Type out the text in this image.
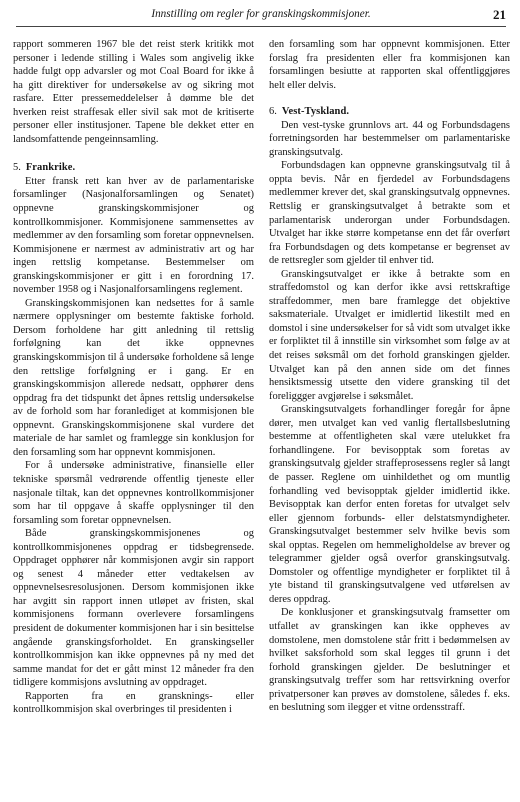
Innstilling om regler for granskingskommisjoner.	21

rapport sommeren 1967 ble det reist sterk kritikk mot personer i ledende stilling i Wales som angivelig ikke hadde fulgt opp advarsler og mot Coal Board for ikke å ha gitt direktiver for undersøkelse av og sikring mot rasfare. Etter pressemeddelelser å dømme ble det hverken reist straffesak eller sivil sak mot de kritiserte personer eller institusjoner. Tapene ble dekket etter en landsomfattende pengeinnsamling.

5. Frankrike.

Etter fransk rett kan hver av de parlamentariske forsamlinger (Nasjonalforsamlingen og Senatet) oppnevne granskingskommisjoner og kontrollkommisjoner. Kommisjonene sammensettes av medlemmer av den forsamling som foretar oppnevnelsen. Kommisjonene er nærmest av administrativ art og har ingen rettslig kompetanse. Bestemmelser om granskingskommisjoner er gitt i en forordning 17. november 1958 og i Nasjonalforsamlingens reglement.

Granskingskommisjonen kan nedsettes for å samle nærmere opplysninger om bestemte faktiske forhold. Dersom forholdene har gitt anledning til rettslig forfølgning kan det ikke oppnevnes granskingskommisjon til å undersøke forholdene så lenge den rettslige forfølgning er i gang. Er en granskingskommisjon allerede nedsatt, opphører dens oppdrag fra det tidspunkt det åpnes rettslig undersøkelse av de forhold som har foranlediget at kommisjonen ble oppnevnt. Granskingskommisjonene skal vurdere det materiale de har samlet og framlegge sin konklusjon for den forsamling som har oppnevnt kommisjonen.

For å undersøke administrative, finansielle eller tekniske spørsmål vedrørende offentlig tjeneste eller nasjonale tiltak, kan det oppnevnes kontrollkommisjoner som har til oppgave å skaffe opplysninger til den forsamling som foretar oppnevnelsen.

Både granskingskommisjonenes og kontrollkommisjonenes oppdrag er tidsbegrensede. Oppdraget opphører når kommisjonen avgir sin rapport og senest 4 måneder etter vedtakelsen av oppnevnelsesresolusjonen. Dersom kommisjonen ikke har avgitt sin rapport innen utløpet av fristen, skal kommisjonens formann overlevere forsamlingens president de dokumenter kommisjonen har i sin besittelse angående granskingsforholdet. En granskingseller kontrollkommisjon kan ikke oppnevnes på ny med det samme mandat for det er gått minst 12 måneder fra den tidligere kommisjons avslutning av oppdraget.

Rapporten fra en gransknings- eller kontrollkommisjon skal overbringes til presidenten i

den forsamling som har oppnevnt kommisjonen. Etter forslag fra presidenten eller fra kommisjonen kan forsamlingen besiutte at rapporten skal offentliggjøres helt eller delvis.

6. Vest-Tyskland.

Den vest-tyske grunnlovs art. 44 og Forbundsdagens forretningsorden har bestemmelser om parlamentariske granskingsutvalg.

Forbundsdagen kan oppnevne granskingsutvalg til å oppta bevis. Når en fjerdedel av Forbundsdagens medlemmer krever det, skal granskingsutvalg oppnevnes. Rettslig er granskingsutvalget å betrakte som et parlamentarisk underorgan under Forbundsdagen. Utvalget har ikke større kompetanse enn det får overført fra Forbundsdagen og dets kompetanse er begrenset av de rettsregler som gjelder til enhver tid.

Granskingsutvalget er ikke å betrakte som en straffedomstol og kan derfor ikke avsi rettskraftige straffedommer, men bare framlegge det objektive saksmateriale. Utvalget er imidlertid likestilt med en domstol i sine undersøkelser for så vidt som utvalget ikke er forpliktet til å innstille sin virksomhet som følge av at det reises søksmål om det forhold granskingen gjelder. Utvalget kan på den annen side om det finnes hensiktsmessig utsette den videre gransking til det foreliggger avgjørelse i søksmålet.

Granskingsutvalgets forhandlinger foregår for åpne dører, men utvalget kan ved vanlig flertallsbeslutning bestemme at offentligheten skal være utelukket fra forhandlingene. For bevisopptak som foretas av granskingsutvalg gjelder straffeprosessens regler så langt de passer. Reglene om uinhildethet og om muntlig forhandling ved bevisopptak gjelder imidlertid ikke. Bevisopptak kan derfor enten foretas for utvalget selv eller gjennom forbunds- eller delstatsmyndigheter. Granskingsutvalget bestemmer selv hvilke bevis som skal opptas. Regelen om hemmeligholdelse av brever og telegrammer gjelder også overfor granskingsutvalg. Domstoler og offentlige myndigheter er forpliktet til å yte bistand til granskingsutvalgene ved utførelsen av deres oppdrag.

De konklusjoner et granskingsutvalg framsetter om utfallet av granskingen kan ikke oppheves av domstolene, men domstolene står fritt i bedømmelsen av hvilket saksforhold som skal legges til grunn i det forhold granskingen gjelder. De beslutninger et granskingsutvalg treffer som har rettsvirkning overfor privatpersoner kan prøves av domstolene, således f. eks. en beslutning som ilegger et vitne ordensstraff.
